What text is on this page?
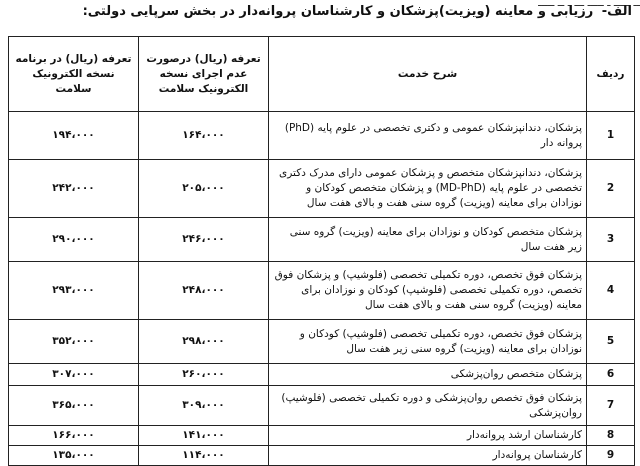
الف- رزیابی و معاینه (ویزیت)پزشکان و کارشناسان پروانه‌دار در بخش سرپایی دولتی:
ردیف	شرح خدمت	تعرفه (ریال) درصورت عدم اجرای نسخه الکترونیک سلامت	تعرفه (ریال) در برنامه نسخه الکترونیک سلامت
1	پزشکان، دندانپزشکان عمومی و دکتری تخصصی در علوم پایه (PhD) پروانه دار	۱۶۴،۰۰۰	۱۹۴،۰۰۰
2	پزشکان، دندانپزشکان متخصص و پزشکان عمومی دارای مدرک دکتری تخصصی در علوم پایه (MD-PhD) و پزشکان متخصص کودکان و نوزادان برای معاینه (ویزیت) گروه سنی هفت و بالای هفت سال	۲۰۵،۰۰۰	۲۴۲،۰۰۰
3	پزشکان متخصص کودکان و نوزادان برای معاینه (ویزیت) گروه سنی زیر هفت سال	۲۴۶،۰۰۰	۲۹۰،۰۰۰
4	پزشکان فوق تخصص، دوره تکمیلی تخصصی (فلوشیپ) و پزشکان فوق تخصص، دوره تکمیلی تخصصی (فلوشیپ) کودکان و نوزادان برای معاینه (ویزیت) گروه سنی هفت و بالای هفت سال	۲۴۸،۰۰۰	۲۹۳،۰۰۰
5	پزشکان فوق تخصص، دوره تکمیلی تخصصی (فلوشیپ) کودکان و نوزادان برای معاینه (ویزیت) گروه سنی زیر هفت سال	۲۹۸،۰۰۰	۳۵۲،۰۰۰
6	پزشکان متخصص روان‌پزشکی	۲۶۰،۰۰۰	۳۰۷،۰۰۰
7	پزشکان فوق تخصص روان‌پزشکی و دوره تکمیلی تخصصی (فلوشیپ) روان‌پزشکی	۳۰۹،۰۰۰	۳۶۵،۰۰۰
8	کارشناسان ارشد پروانه‌دار	۱۴۱،۰۰۰	۱۶۶،۰۰۰
9	کارشناسان پروانه‌دار	۱۱۴،۰۰۰	۱۳۵،۰۰۰
